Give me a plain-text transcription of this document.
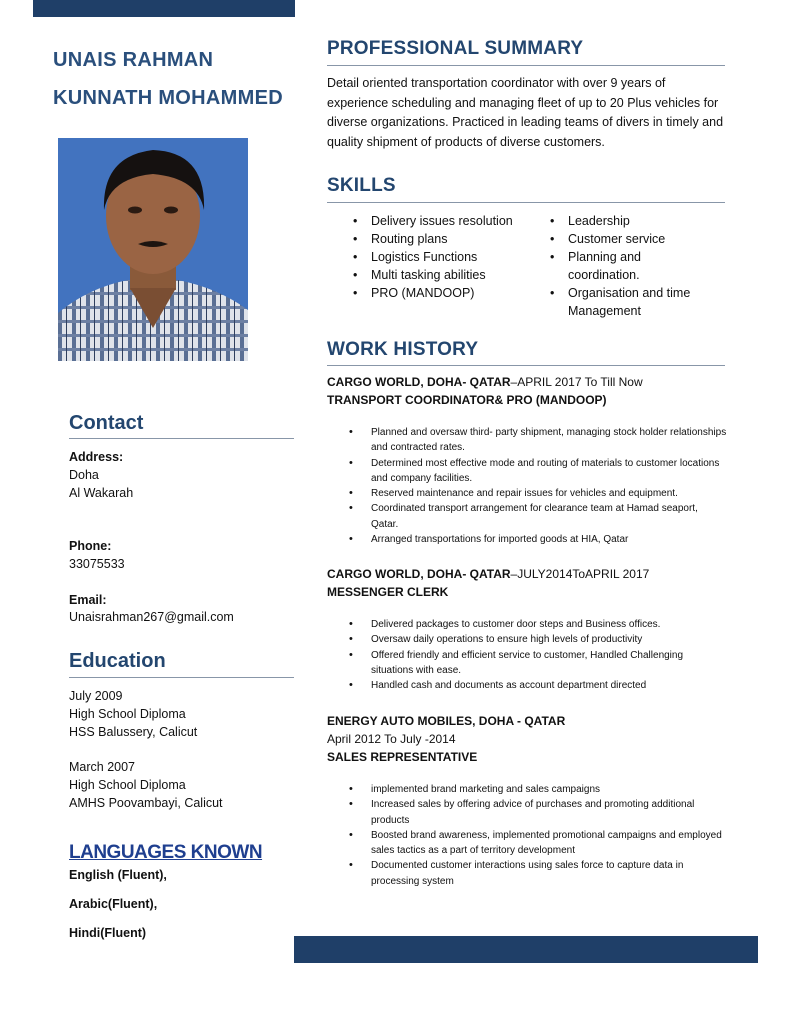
UNAIS RAHMAN
KUNNATH MOHAMMED
Contact
Address:
Doha
Al Wakarah
Phone:
33075533
Email:
Unaisrahman267@gmail.com
Education
July 2009
High School Diploma
HSS Balussery, Calicut
March 2007
High School Diploma
AMHS Poovambayi, Calicut
LANGUAGES KNOWN
English (Fluent),
Arabic(Fluent),
Hindi(Fluent)
PROFESSIONAL SUMMARY
Detail oriented transportation coordinator with over 9 years of experience scheduling and managing fleet of up to 20 Plus vehicles for diverse organizations. Practiced in leading teams of divers in timely and quality shipment of products of diverse customers.
SKILLS
• Delivery issues resolution
• Routing plans
• Logistics Functions
• Multi tasking abilities
• PRO (MANDOOP)
• Leadership
• Customer service
• Planning and coordination.
• Organisation and time Management
WORK HISTORY
CARGO WORLD, DOHA- QATAR–APRIL 2017 To Till Now
TRANSPORT COORDINATOR& PRO (MANDOOP)
• Planned and oversaw third- party shipment, managing stock holder relationships and contracted rates.
• Determined most effective mode and routing of materials to customer locations and company facilities.
• Reserved maintenance and repair issues for vehicles and equipment.
• Coordinated transport arrangement for clearance team at Hamad seaport, Qatar.
• Arranged transportations for imported goods at HIA, Qatar
CARGO WORLD, DOHA- QATAR–JULY2014ToAPRIL 2017
MESSENGER CLERK
• Delivered packages to customer door steps and Business offices.
• Oversaw daily operations to ensure high levels of productivity
• Offered friendly and efficient service to customer, Handled Challenging situations with ease.
• Handled cash and documents as account department directed
ENERGY AUTO MOBILES, DOHA - QATAR
April 2012 To July -2014
SALES REPRESENTATIVE
• implemented brand marketing and sales campaigns
• Increased sales by offering advice of purchases and promoting additional products
• Boosted brand awareness, implemented promotional campaigns and employed sales tactics as a part of territory development
• Documented customer interactions using sales force to capture data in processing system
